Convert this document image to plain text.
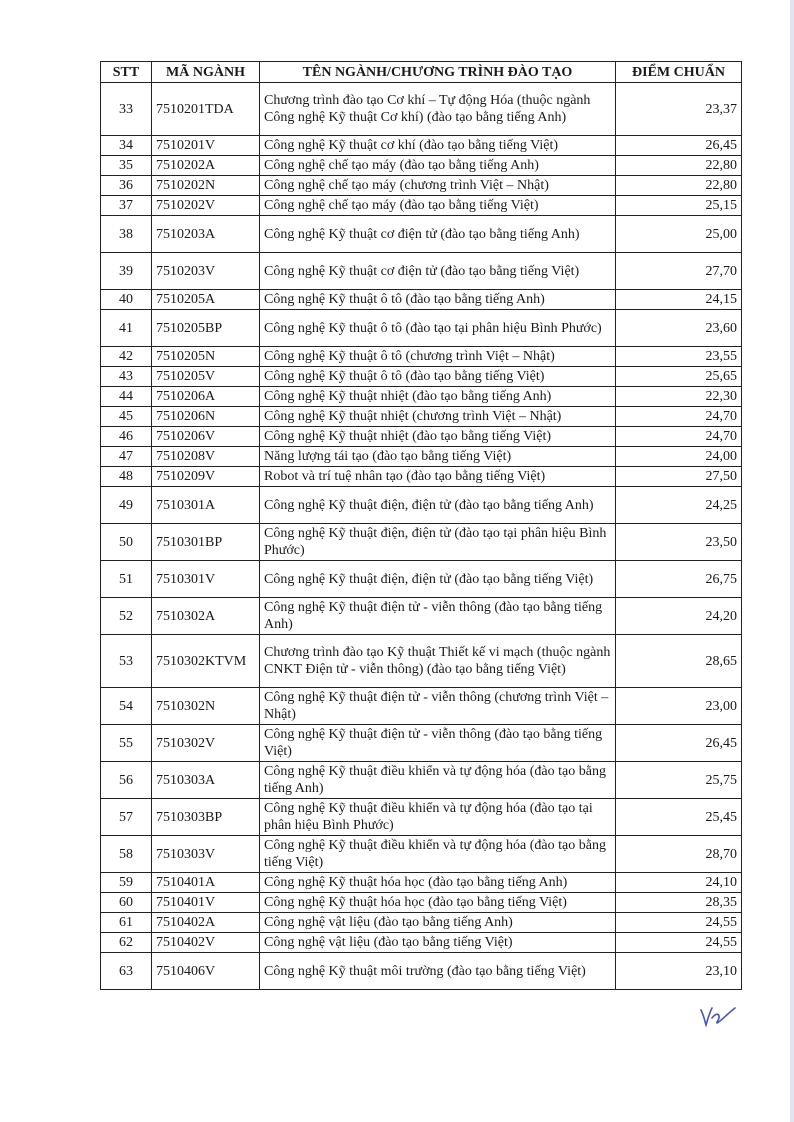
STT	MÃ NGÀNH	TÊN NGÀNH/CHƯƠNG TRÌNH ĐÀO TẠO	ĐIỂM CHUẨN
33	7510201TDA	Chương trình đào tạo Cơ khí – Tự động Hóa (thuộc ngành Công nghệ Kỹ thuật Cơ khí) (đào tạo bằng tiếng Anh)	23,37
34	7510201V	Công nghệ Kỹ thuật cơ khí (đào tạo bằng tiếng Việt)	26,45
35	7510202A	Công nghệ chế tạo máy (đào tạo bằng tiếng Anh)	22,80
36	7510202N	Công nghệ chế tạo máy (chương trình Việt – Nhật)	22,80
37	7510202V	Công nghệ chế tạo máy (đào tạo bằng tiếng Việt)	25,15
38	7510203A	Công nghệ Kỹ thuật cơ điện tử (đào tạo bằng tiếng Anh)	25,00
39	7510203V	Công nghệ Kỹ thuật cơ điện tử (đào tạo bằng tiếng Việt)	27,70
40	7510205A	Công nghệ Kỹ thuật ô tô (đào tạo bằng tiếng Anh)	24,15
41	7510205BP	Công nghệ Kỹ thuật ô tô (đào tạo tại phân hiệu Bình Phước)	23,60
42	7510205N	Công nghệ Kỹ thuật ô tô (chương trình Việt – Nhật)	23,55
43	7510205V	Công nghệ Kỹ thuật ô tô (đào tạo bằng tiếng Việt)	25,65
44	7510206A	Công nghệ Kỹ thuật nhiệt (đào tạo bằng tiếng Anh)	22,30
45	7510206N	Công nghệ Kỹ thuật nhiệt (chương trình Việt – Nhật)	24,70
46	7510206V	Công nghệ Kỹ thuật nhiệt (đào tạo bằng tiếng Việt)	24,70
47	7510208V	Năng lượng tái tạo (đào tạo bằng tiếng Việt)	24,00
48	7510209V	Robot và trí tuệ nhân tạo (đào tạo bằng tiếng Việt)	27,50
49	7510301A	Công nghệ Kỹ thuật điện, điện tử (đào tạo bằng tiếng Anh)	24,25
50	7510301BP	Công nghệ Kỹ thuật điện, điện tử (đào tạo tại phân hiệu Bình Phước)	23,50
51	7510301V	Công nghệ Kỹ thuật điện, điện tử (đào tạo bằng tiếng Việt)	26,75
52	7510302A	Công nghệ Kỹ thuật điện tử - viễn thông (đào tạo bằng tiếng Anh)	24,20
53	7510302KTVM	Chương trình đào tạo Kỹ thuật Thiết kế vi mạch (thuộc ngành CNKT Điện tử - viễn thông) (đào tạo bằng tiếng Việt)	28,65
54	7510302N	Công nghệ Kỹ thuật điện tử - viễn thông (chương trình Việt – Nhật)	23,00
55	7510302V	Công nghệ Kỹ thuật điện tử - viễn thông (đào tạo bằng tiếng Việt)	26,45
56	7510303A	Công nghệ Kỹ thuật điều khiển và tự động hóa (đào tạo bằng tiếng Anh)	25,75
57	7510303BP	Công nghệ Kỹ thuật điều khiển và tự động hóa (đào tạo tại phân hiệu Bình Phước)	25,45
58	7510303V	Công nghệ Kỹ thuật điều khiển và tự động hóa (đào tạo bằng tiếng Việt)	28,70
59	7510401A	Công nghệ Kỹ thuật hóa học (đào tạo bằng tiếng Anh)	24,10
60	7510401V	Công nghệ Kỹ thuật hóa học (đào tạo bằng tiếng Việt)	28,35
61	7510402A	Công nghệ vật liệu (đào tạo bằng tiếng Anh)	24,55
62	7510402V	Công nghệ vật liệu (đào tạo bằng tiếng Việt)	24,55
63	7510406V	Công nghệ Kỹ thuật môi trường (đào tạo bằng tiếng Việt)	23,10
